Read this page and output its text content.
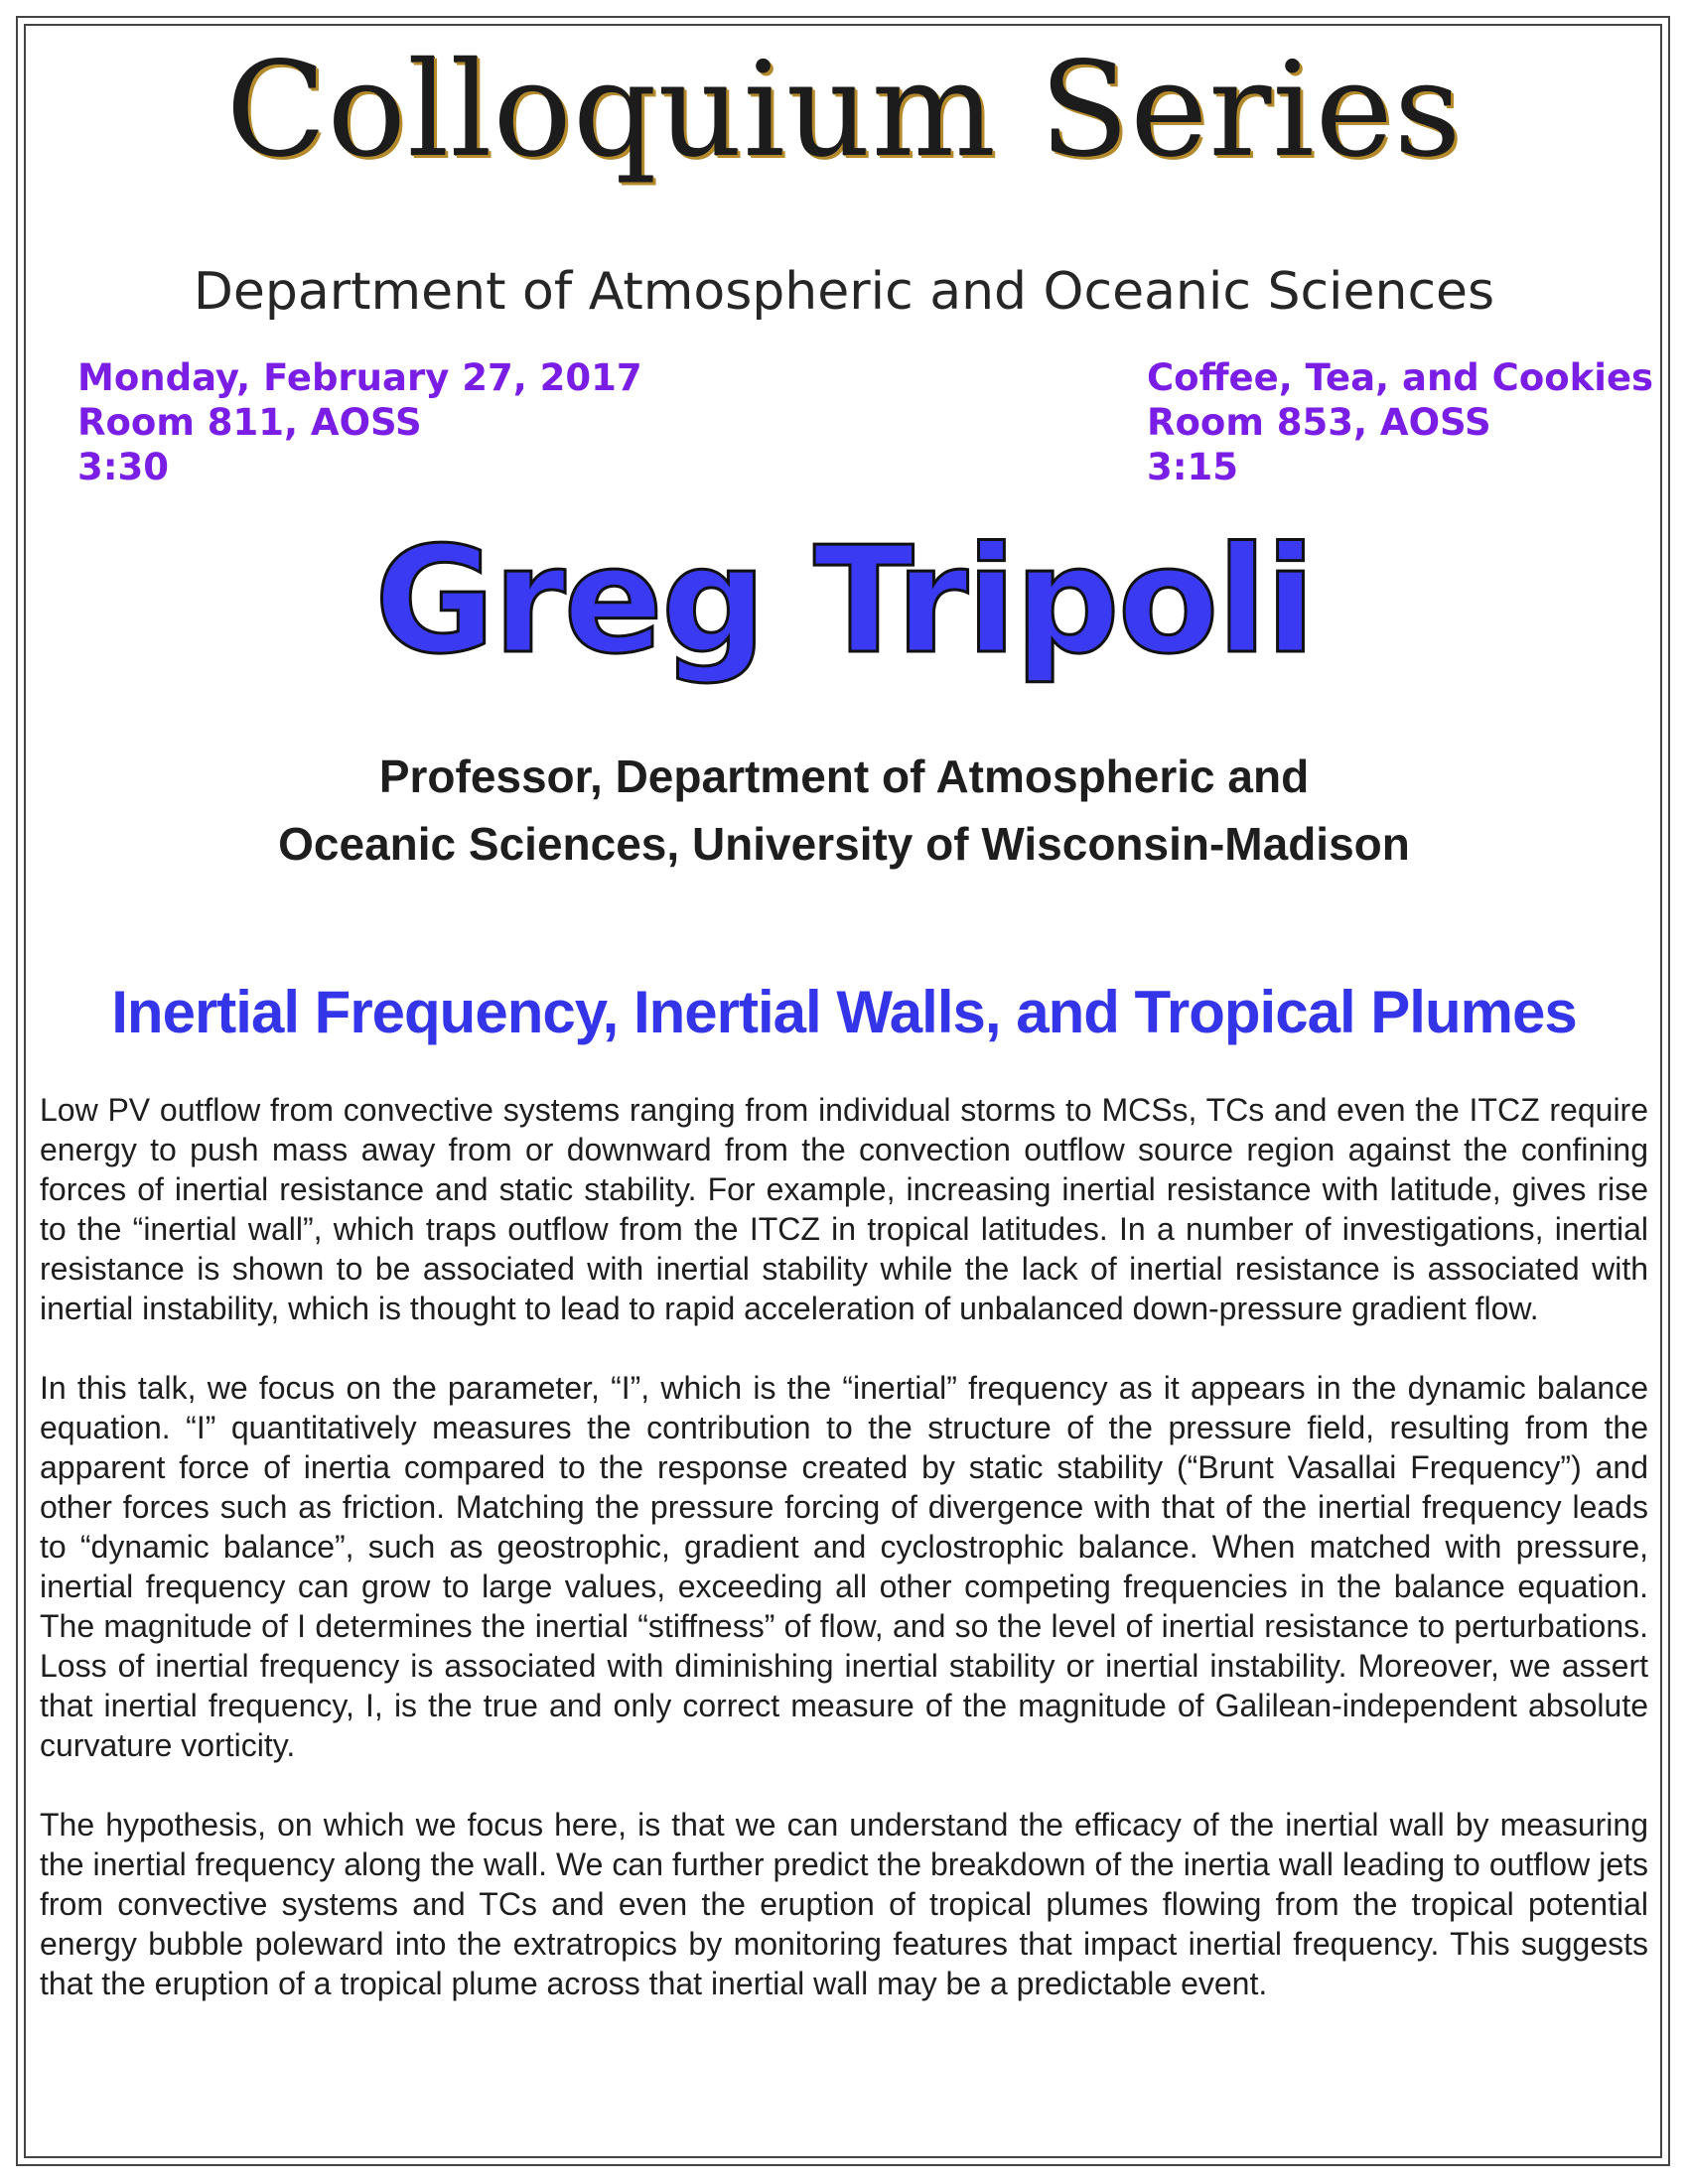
Colloquium Series
Department of Atmospheric and Oceanic Sciences
Monday, February 27, 2017
Room 811, AOSS
3:30
Coffee, Tea, and Cookies
Room 853, AOSS
3:15
Greg Tripoli
Professor, Department of Atmospheric and
Oceanic Sciences, University of Wisconsin-Madison
Inertial Frequency, Inertial Walls, and Tropical Plumes

Low PV outflow from convective systems ranging from individual storms to MCSs, TCs and even the ITCZ require energy to push mass away from or downward from the convection outflow source region against the confining forces of inertial resistance and static stability. For example, increasing inertial resistance with latitude, gives rise to the “inertial wall”, which traps outflow from the ITCZ in tropical latitudes. In a number of investigations, inertial resistance is shown to be associated with inertial stability while the lack of inertial resistance is associated with inertial instability, which is thought to lead to rapid acceleration of unbalanced down-pressure gradient flow.

In this talk, we focus on the parameter, “I”, which is the “inertial” frequency as it appears in the dynamic balance equation. “I” quantitatively measures the contribution to the structure of the pressure field, resulting from the apparent force of inertia compared to the response created by static stability (“Brunt Vasallai Frequency”) and other forces such as friction. Matching the pressure forcing of divergence with that of the inertial frequency leads to “dynamic balance”, such as geostrophic, gradient and cyclostrophic balance. When matched with pressure, inertial frequency can grow to large values, exceeding all other competing frequencies in the balance equation. The magnitude of I determines the inertial “stiffness” of flow, and so the level of inertial resistance to perturbations. Loss of inertial frequency is associated with diminishing inertial stability or inertial instability. Moreover, we assert that inertial frequency, I, is the true and only correct measure of the magnitude of Galilean-independent absolute curvature vorticity.

The hypothesis, on which we focus here, is that we can understand the efficacy of the inertial wall by measuring the inertial frequency along the wall. We can further predict the breakdown of the inertia wall leading to outflow jets from convective systems and TCs and even the eruption of tropical plumes flowing from the tropical potential energy bubble poleward into the extratropics by monitoring features that impact inertial frequency. This suggests that the eruption of a tropical plume across that inertial wall may be a predictable event.
